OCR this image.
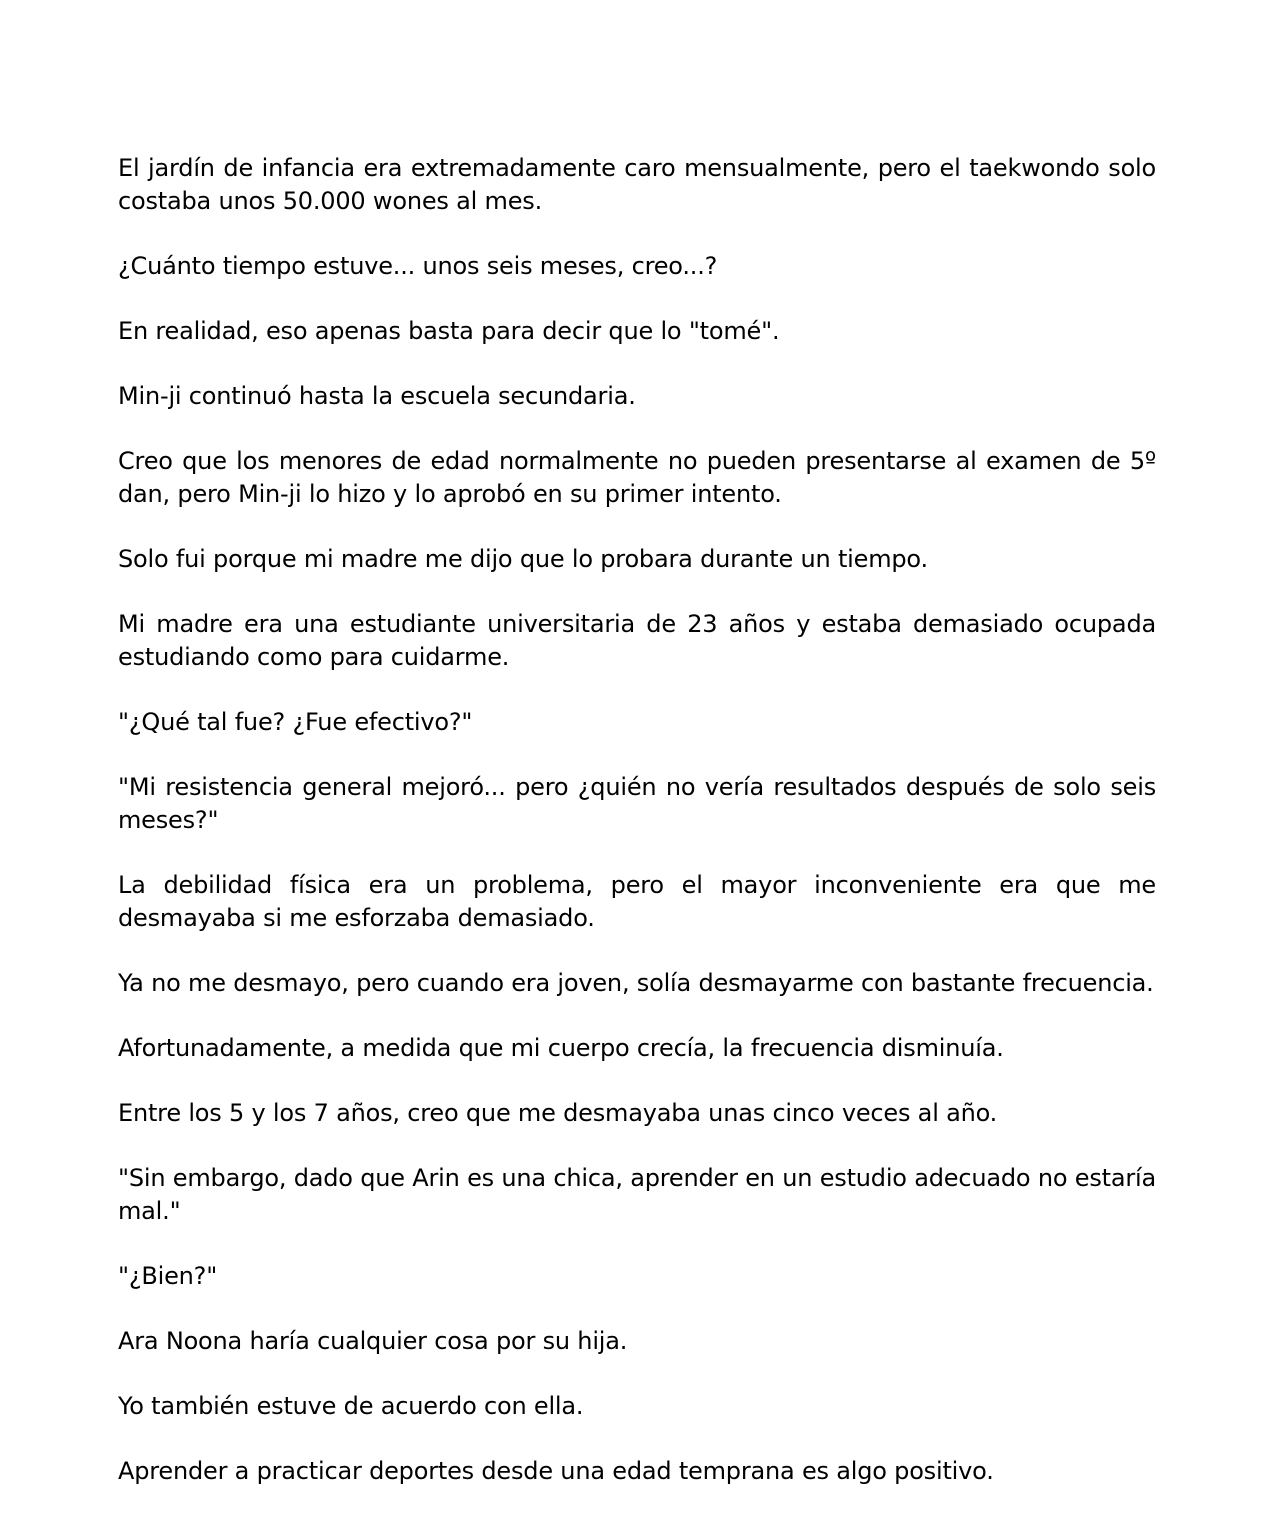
El jardín de infancia era extremadamente caro mensualmente, pero el taekwondo solo costaba unos 50.000 wones al mes.

¿Cuánto tiempo estuve... unos seis meses, creo...?

En realidad, eso apenas basta para decir que lo "tomé".

Min-ji continuó hasta la escuela secundaria.

Creo que los menores de edad normalmente no pueden presentarse al examen de 5º dan, pero Min-ji lo hizo y lo aprobó en su primer intento.

Solo fui porque mi madre me dijo que lo probara durante un tiempo.

Mi madre era una estudiante universitaria de 23 años y estaba demasiado ocupada estudiando como para cuidarme.

"¿Qué tal fue? ¿Fue efectivo?"

"Mi resistencia general mejoró... pero ¿quién no vería resultados después de solo seis meses?"

La debilidad física era un problema, pero el mayor inconveniente era que me desmayaba si me esforzaba demasiado.

Ya no me desmayo, pero cuando era joven, solía desmayarme con bastante frecuencia.

Afortunadamente, a medida que mi cuerpo crecía, la frecuencia disminuía.

Entre los 5 y los 7 años, creo que me desmayaba unas cinco veces al año.

"Sin embargo, dado que Arin es una chica, aprender en un estudio adecuado no estaría mal."

"¿Bien?"

Ara Noona haría cualquier cosa por su hija.

Yo también estuve de acuerdo con ella.

Aprender a practicar deportes desde una edad temprana es algo positivo.
